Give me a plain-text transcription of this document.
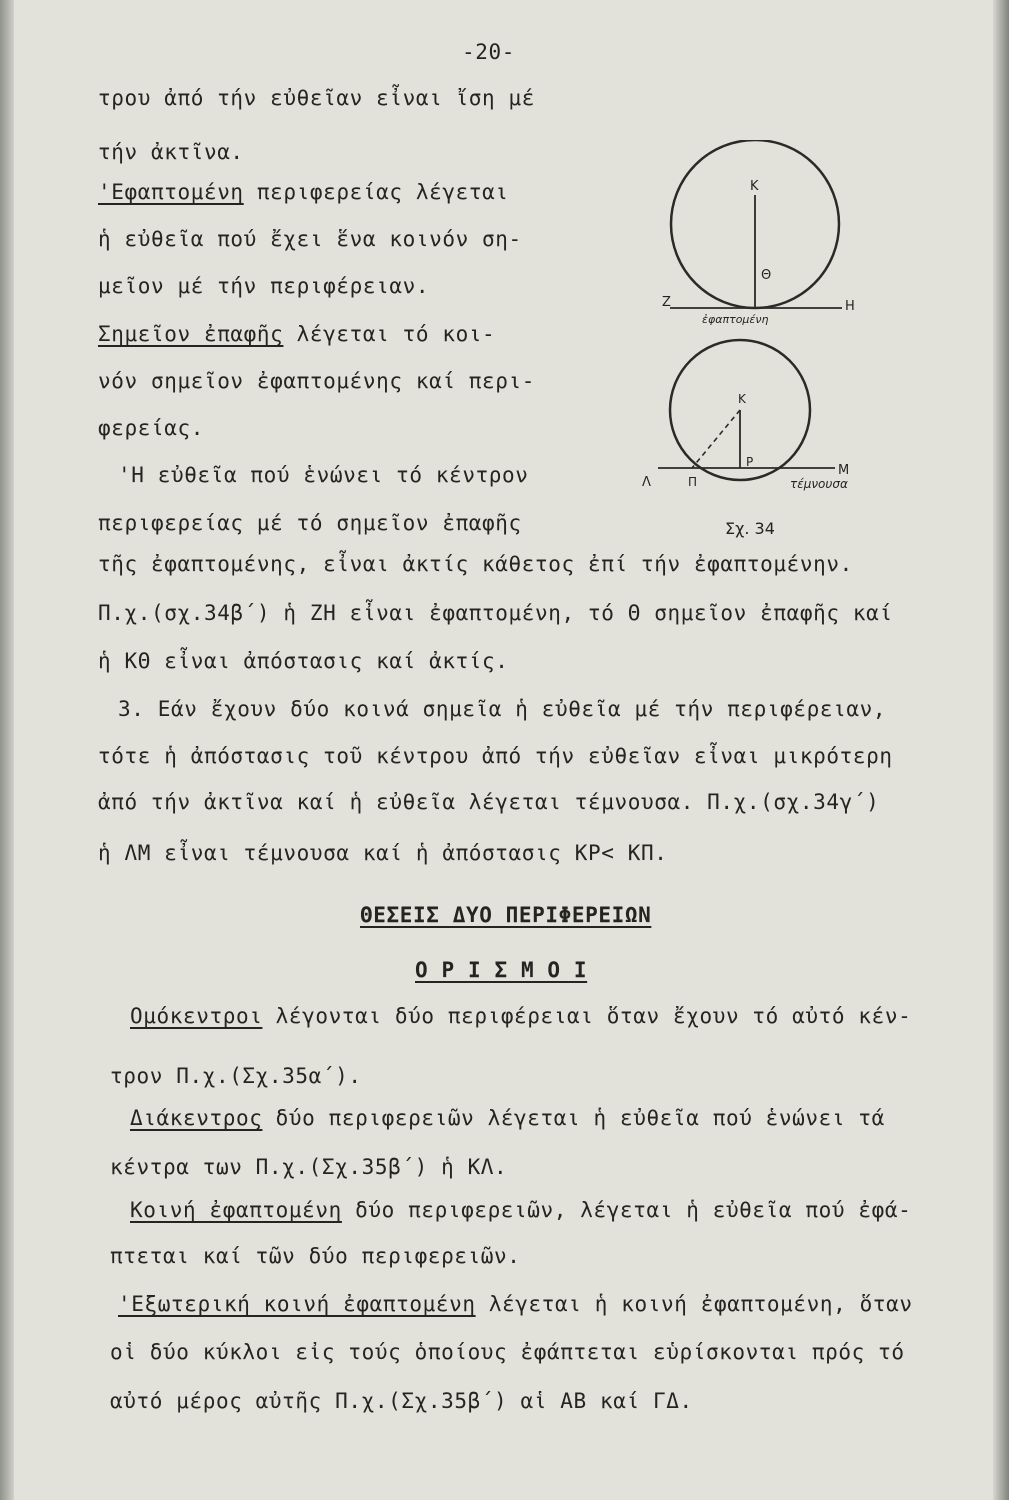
-20-
τρου ἀπό τήν εὐθεῖαν εἶναι ἴση μέ
τήν ἀκτῖνα.
'Εφαπτομένη περιφερείας λέγεται
ἡ εὐθεῖα πού ἔχει ἕνα κοινόν ση-
μεῖον μέ τήν περιφέρειαν.
Σημεῖον ἐπαφῆς λέγεται τό κοι-
νόν σημεῖον ἐφαπτομένης καί περι-
φερείας.
'Η εὐθεῖα πού ἑνώνει τό κέντρον
περιφερείας μέ τό σημεῖον ἐπαφῆς
τῆς ἐφαπτομένης, εἶναι ἀκτίς κάθετος ἐπί τήν ἐφαπτομένην.
Π.χ.(σχ.34β΄) ἡ ΖΗ εἶναι ἐφαπτομένη, τό Θ σημεῖον ἐπαφῆς καί
ἡ ΚΘ εἶναι ἀπόστασις καί ἀκτίς.
3. Εάν ἔχουν δύο κοινά σημεῖα ἡ εὐθεῖα μέ τήν περιφέρειαν,
τότε ἡ ἀπόστασις τοῦ κέντρου ἀπό τήν εὐθεῖαν εἶναι μικρότερη
ἀπό τήν ἀκτῖνα καί ἡ εὐθεῖα λέγεται τέμνουσα. Π.χ.(σχ.34γ΄)
ἡ ΛΜ εἶναι τέμνουσα καί ἡ ἀπόστασις ΚΡ< ΚΠ.
ΘΕΣΕΙΣ ΔΥΟ ΠΕΡΙΦΕΡΕΙΩΝ
Ο Ρ Ι Σ Μ Ο Ι
Ομόκεντροι λέγονται δύο περιφέρειαι ὅταν ἔχουν τό αὐτό κέν-
τρον Π.χ.(Σχ.35α΄).
Διάκεντρος δύο περιφερειῶν λέγεται ἡ εὐθεῖα πού ἑνώνει τά
κέντρα των Π.χ.(Σχ.35β΄) ἡ ΚΛ.
Κοινή ἐφαπτομένη δύο περιφερειῶν, λέγεται ἡ εὐθεῖα πού ἐφά-
πτεται καί τῶν δύο περιφερειῶν.
'Εξωτερική κοινή ἐφαπτομένη λέγεται ἡ κοινή ἐφαπτομένη, ὅταν
οἱ δύο κύκλοι εἰς τούς ὁποίους ἐφάπτεται εὑρίσκονται πρός τό
αὐτό μέρος αὐτῆς Π.χ.(Σχ.35β΄) αἱ ΑΒ καί ΓΔ.
Κ
Θ
Ζ	Η
ἐφαπτομένη
Κ
Ρ
Λ
Μ
Π	τέμνουσα
Σχ. 34
